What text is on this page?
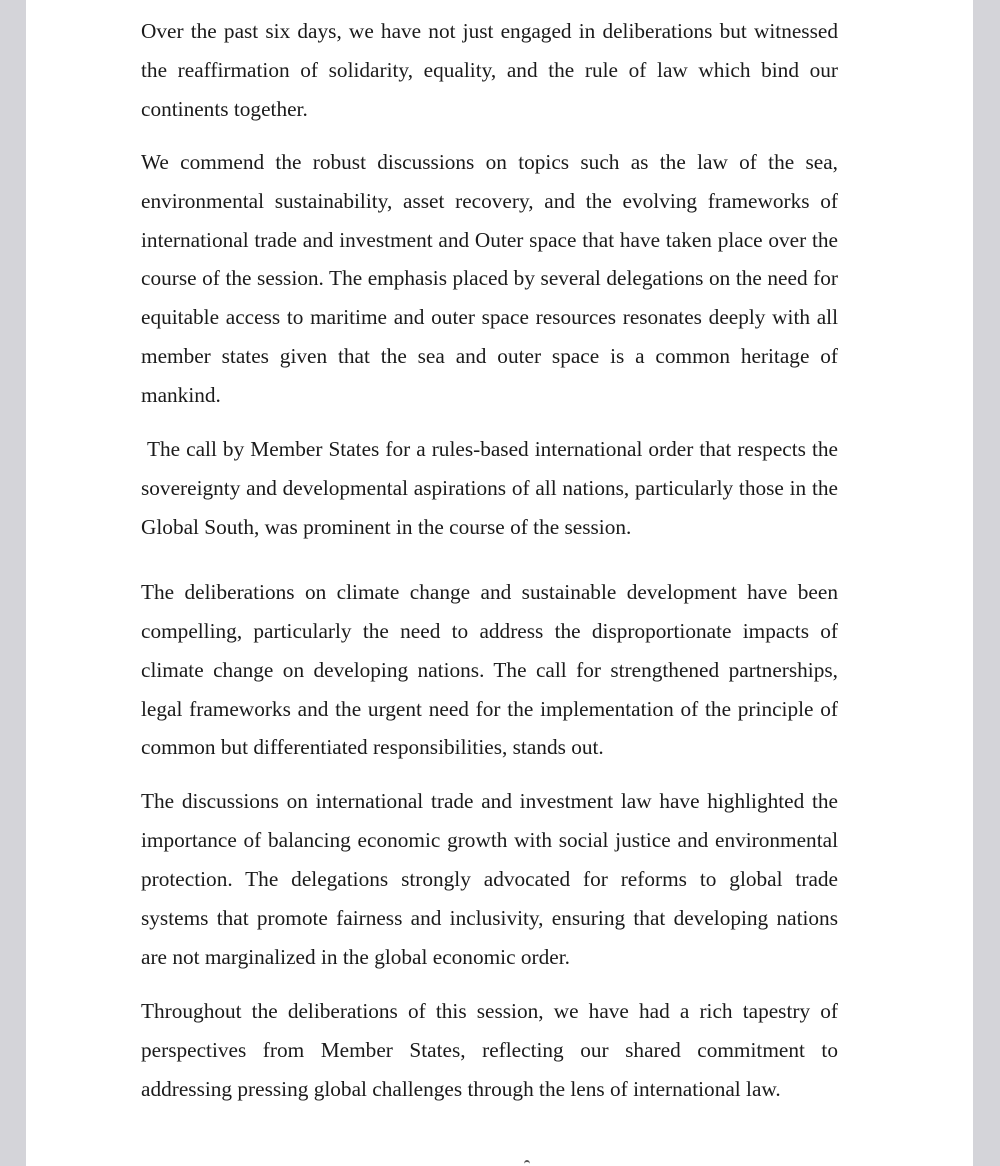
Over the past six days, we have not just engaged in deliberations but witnessed the reaffirmation of solidarity, equality, and the rule of law which bind our continents together.

We commend the robust discussions on topics such as the law of the sea, environmental sustainability, asset recovery, and the evolving frameworks of international trade and investment and Outer space that have taken place over the course of the session. The emphasis placed by several delegations on the need for equitable access to maritime and outer space resources resonates deeply with all member states given that the sea and outer space is a common heritage of mankind.

The call by Member States for a rules-based international order that respects the sovereignty and developmental aspirations of all nations, particularly those in the Global South, was prominent in the course of the session.

The deliberations on climate change and sustainable development have been compelling, particularly the need to address the disproportionate impacts of climate change on developing nations. The call for strengthened partnerships, legal frameworks and the urgent need for the implementation of the principle of common but differentiated responsibilities, stands out.

The discussions on international trade and investment law have highlighted the importance of balancing economic growth with social justice and environmental protection. The delegations strongly advocated for reforms to global trade systems that promote fairness and inclusivity, ensuring that developing nations are not marginalized in the global economic order.

Throughout the deliberations of this session, we have had a rich tapestry of perspectives from Member States, reflecting our shared commitment to addressing pressing global challenges through the lens of international law.
